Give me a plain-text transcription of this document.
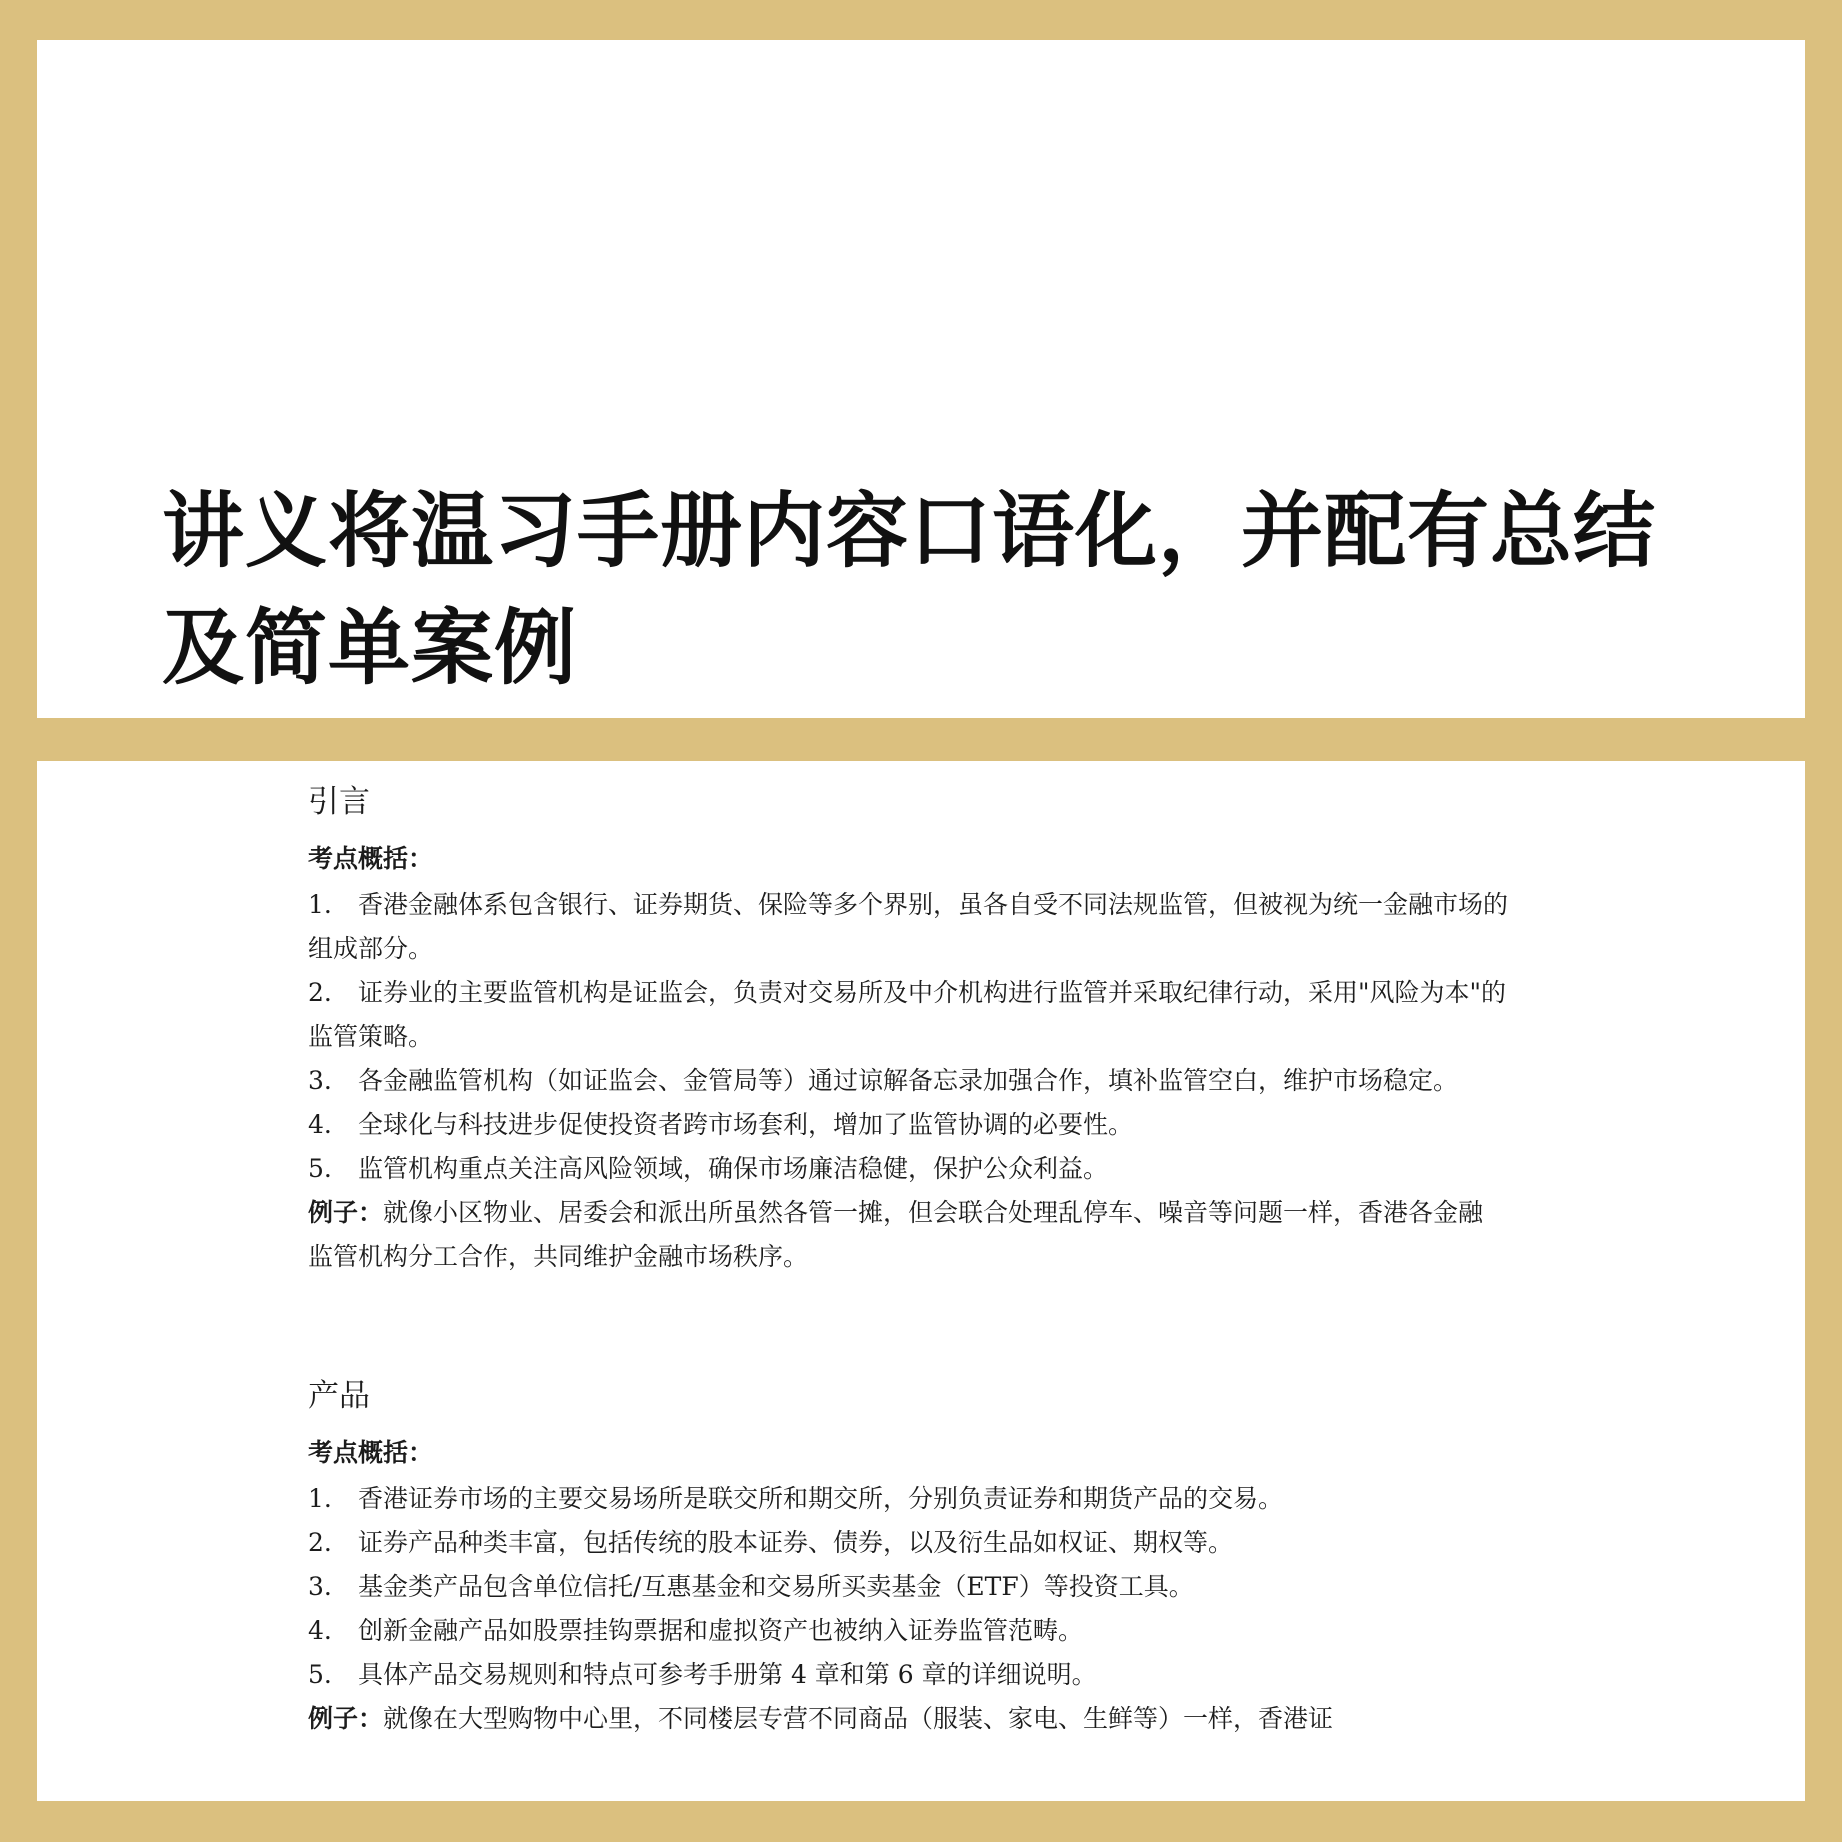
讲义将温习手册内容口语化，并配有总结及简单案例
引言

考点概括：

1. 香港金融体系包含银行、证券期货、保险等多个界别，虽各自受不同法规监管，但被视为统一金融市场的组成部分。

2. 证券业的主要监管机构是证监会，负责对交易所及中介机构进行监管并采取纪律行动，采用"风险为本"的监管策略。

3. 各金融监管机构（如证监会、金管局等）通过谅解备忘录加强合作，填补监管空白，维护市场稳定。

4. 全球化与科技进步促使投资者跨市场套利，增加了监管协调的必要性。

5. 监管机构重点关注高风险领域，确保市场廉洁稳健，保护公众利益。

例子：就像小区物业、居委会和派出所虽然各管一摊，但会联合处理乱停车、噪音等问题一样，香港各金融监管机构分工合作，共同维护金融市场秩序。

产品

考点概括：

1. 香港证券市场的主要交易场所是联交所和期交所，分别负责证券和期货产品的交易。

2. 证券产品种类丰富，包括传统的股本证券、债券，以及衍生品如权证、期权等。

3. 基金类产品包含单位信托/互惠基金和交易所买卖基金（ETF）等投资工具。

4. 创新金融产品如股票挂钩票据和虚拟资产也被纳入证券监管范畴。

5. 具体产品交易规则和特点可参考手册第 4 章和第 6 章的详细说明。

例子：就像在大型购物中心里，不同楼层专营不同商品（服装、家电、生鲜等）一样，香港证
